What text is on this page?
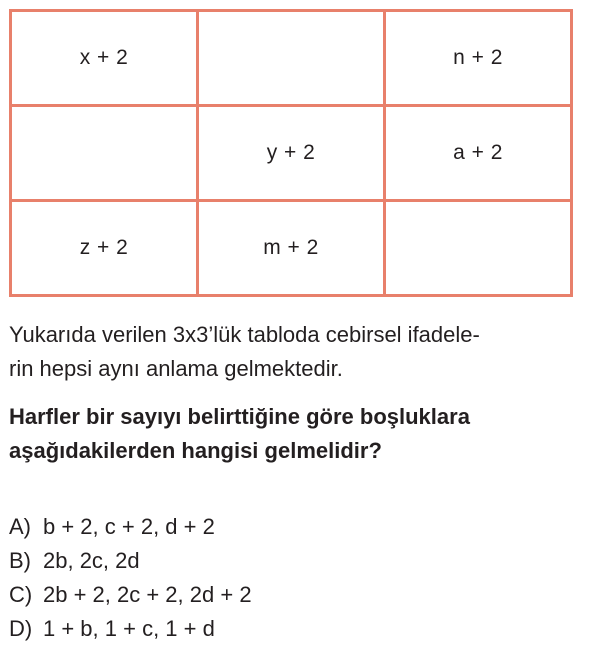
x + 2		n + 2
	y + 2	a + 2
z + 2	m + 2	
Yukarıda verilen 3x3’lük tabloda cebirsel ifadele-
rin hepsi aynı anlama gelmektedir.
Harfler bir sayıyı belirttiğine göre boşluklara
aşağıdakilerden hangisi gelmelidir?
A) b + 2, c + 2, d + 2
B) 2b, 2c, 2d
C) 2b + 2, 2c + 2, 2d + 2
D) 1 + b, 1 + c, 1 + d
